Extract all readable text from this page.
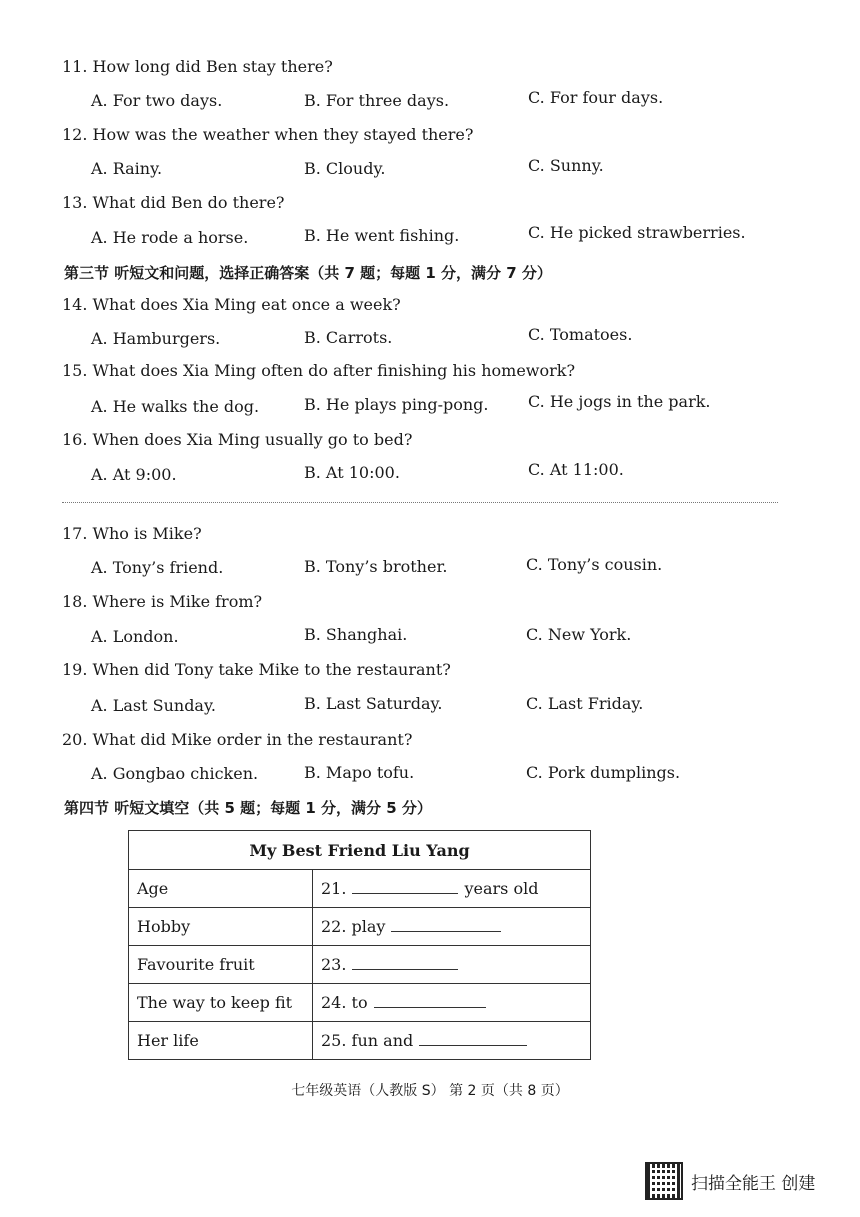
11. How long did Ben stay there?
A. For two days.	B. For three days.	C. For four days.
12. How was the weather when they stayed there?
A. Rainy.	B. Cloudy.	C. Sunny.
13. What did Ben do there?
A. He rode a horse.	B. He went fishing.	C. He picked strawberries.
第三节 听短文和问题，选择正确答案（共 7 题；每题 1 分，满分 7 分）
14. What does Xia Ming eat once a week?
A. Hamburgers.	B. Carrots.	C. Tomatoes.
15. What does Xia Ming often do after finishing his homework?
A. He walks the dog.	B. He plays ping-pong. C. He jogs in the park.
16. When does Xia Ming usually go to bed?
A. At 9:00.	B. At 10:00.	C. At 11:00.
17. Who is Mike?
A. Tony’s friend.	B. Tony’s brother.	C. Tony’s cousin.
18. Where is Mike from?
A. London.	B. Shanghai.	C. New York.
19. When did Tony take Mike to the restaurant?
A. Last Sunday.	B. Last Saturday.	C. Last Friday.
20. What did Mike order in the restaurant?
A. Gongbao chicken.	B. Mapo tofu.	C. Pork dumplings.
第四节 听短文填空（共 5 题；每题 1 分，满分 5 分）
My Best Friend Liu Yang	
Age	21. years old
Hobby	22. play
Favourite fruit	23.
The way to keep fit	24. to
Her life	25. fun and
七年级英语（人教版 S） 第 2 页（共 8 页）
扫描全能王 创建
